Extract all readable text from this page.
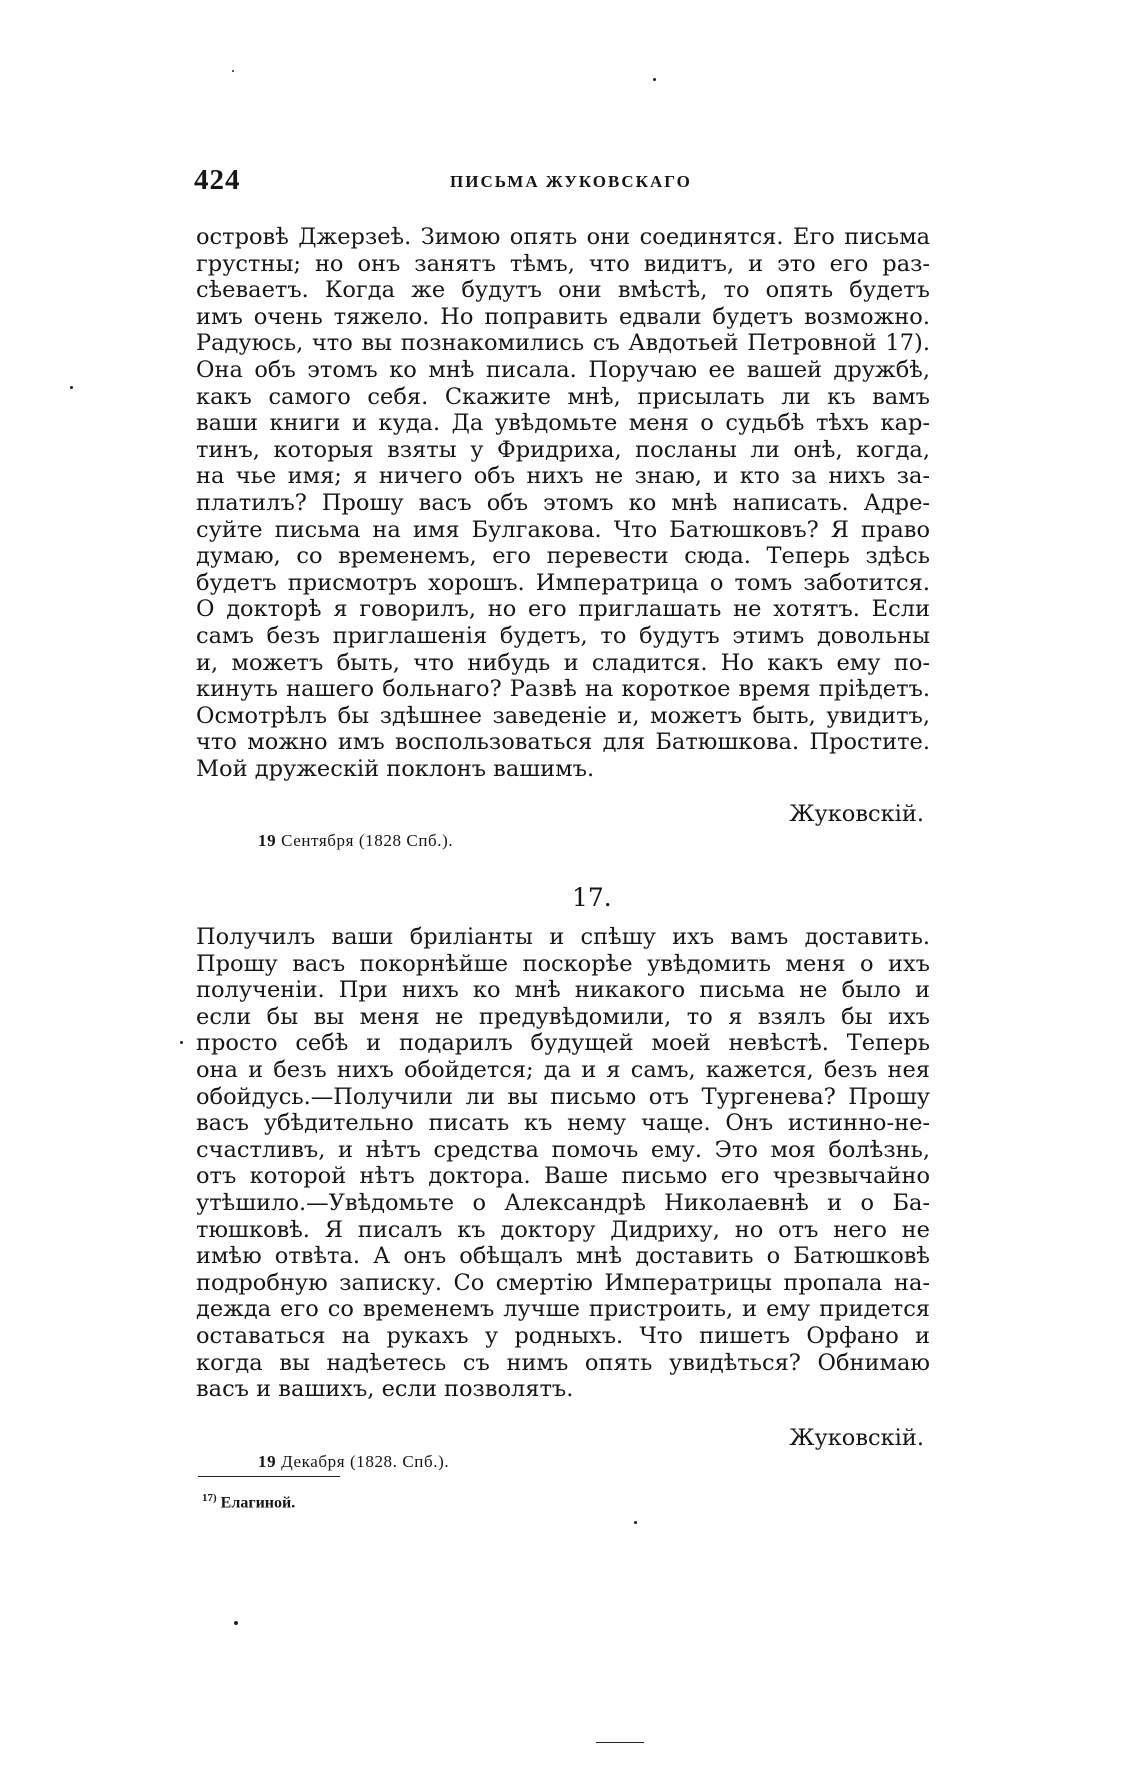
424	ПИСЬМА ЖУКОВСКАГО
островѣ Джерзеѣ. Зимою опять они соединятся. Его письма
грустны; но онъ занятъ тѣмъ, что видитъ, и это его раз-
сѣеваетъ. Когда же будутъ они вмѣстѣ, то опять будетъ
имъ очень тяжело. Но поправить едвали будетъ возможно.
Радуюсь, что вы познакомились съ Авдотьей Петровной 17).
Она объ этомъ ко мнѣ писала. Поручаю ее вашей дружбѣ,
какъ самого себя. Скажите мнѣ, присылать ли къ вамъ
ваши книги и куда. Да увѣдомьте меня о судьбѣ тѣхъ кар-
тинъ, которыя взяты у Фридриха, посланы ли онѣ, когда,
на чье имя; я ничего объ нихъ не знаю, и кто за нихъ за-
платилъ? Прошу васъ объ этомъ ко мнѣ написать. Адре-
суйте письма на имя Булгакова. Что Батюшковъ? Я право
думаю, со временемъ, его перевести сюда. Теперь здѣсь
будетъ присмотръ хорошъ. Императрица о томъ заботится.
О докторѣ я говорилъ, но его приглашать не хотятъ. Если
самъ безъ приглашенія будетъ, то будутъ этимъ довольны
и, можетъ быть, что нибудь и сладится. Но какъ ему по-
кинуть нашего больнаго? Развѣ на короткое время пріѣдетъ.
Осмотрѣлъ бы здѣшнее заведеніе и, можетъ быть, увидитъ,
что можно имъ воспользоваться для Батюшкова. Простите.
Мой дружескій поклонъ вашимъ.
Жуковскій.
19 Сентября (1828 Спб.).
17.
Получилъ ваши бриліанты и спѣшу ихъ вамъ доставить.
Прошу васъ покорнѣйше поскорѣе увѣдомить меня о ихъ
полученіи. При нихъ ко мнѣ никакого письма не было и
если бы вы меня не предувѣдомили, то я взялъ бы ихъ
просто себѣ и подарилъ будущей моей невѣстѣ. Теперь
она и безъ нихъ обойдется; да и я самъ, кажется, безъ нея
обойдусь.—Получили ли вы письмо отъ Тургенева? Прошу
васъ убѣдительно писать къ нему чаще. Онъ истинно-не-
счастливъ, и нѣтъ средства помочь ему. Это моя болѣзнь,
отъ которой нѣтъ доктора. Ваше письмо его чрезвычайно
утѣшило.—Увѣдомьте о Александрѣ Николаевнѣ и о Ба-
тюшковѣ. Я писалъ къ доктору Дидриху, но отъ него не
имѣю отвѣта. А онъ обѣщалъ мнѣ доставить о Батюшковѣ
подробную записку. Со смертію Императрицы пропала на-
дежда его со временемъ лучше пристроить, и ему придется
оставаться на рукахъ у родныхъ. Что пишетъ Орфано и
когда вы надѣетесь съ нимъ опять увидѣться? Обнимаю
васъ и вашихъ, если позволятъ.
Жуковскій.
19 Декабря (1828. Спб.).
$^{17)}$ Елагиной.
